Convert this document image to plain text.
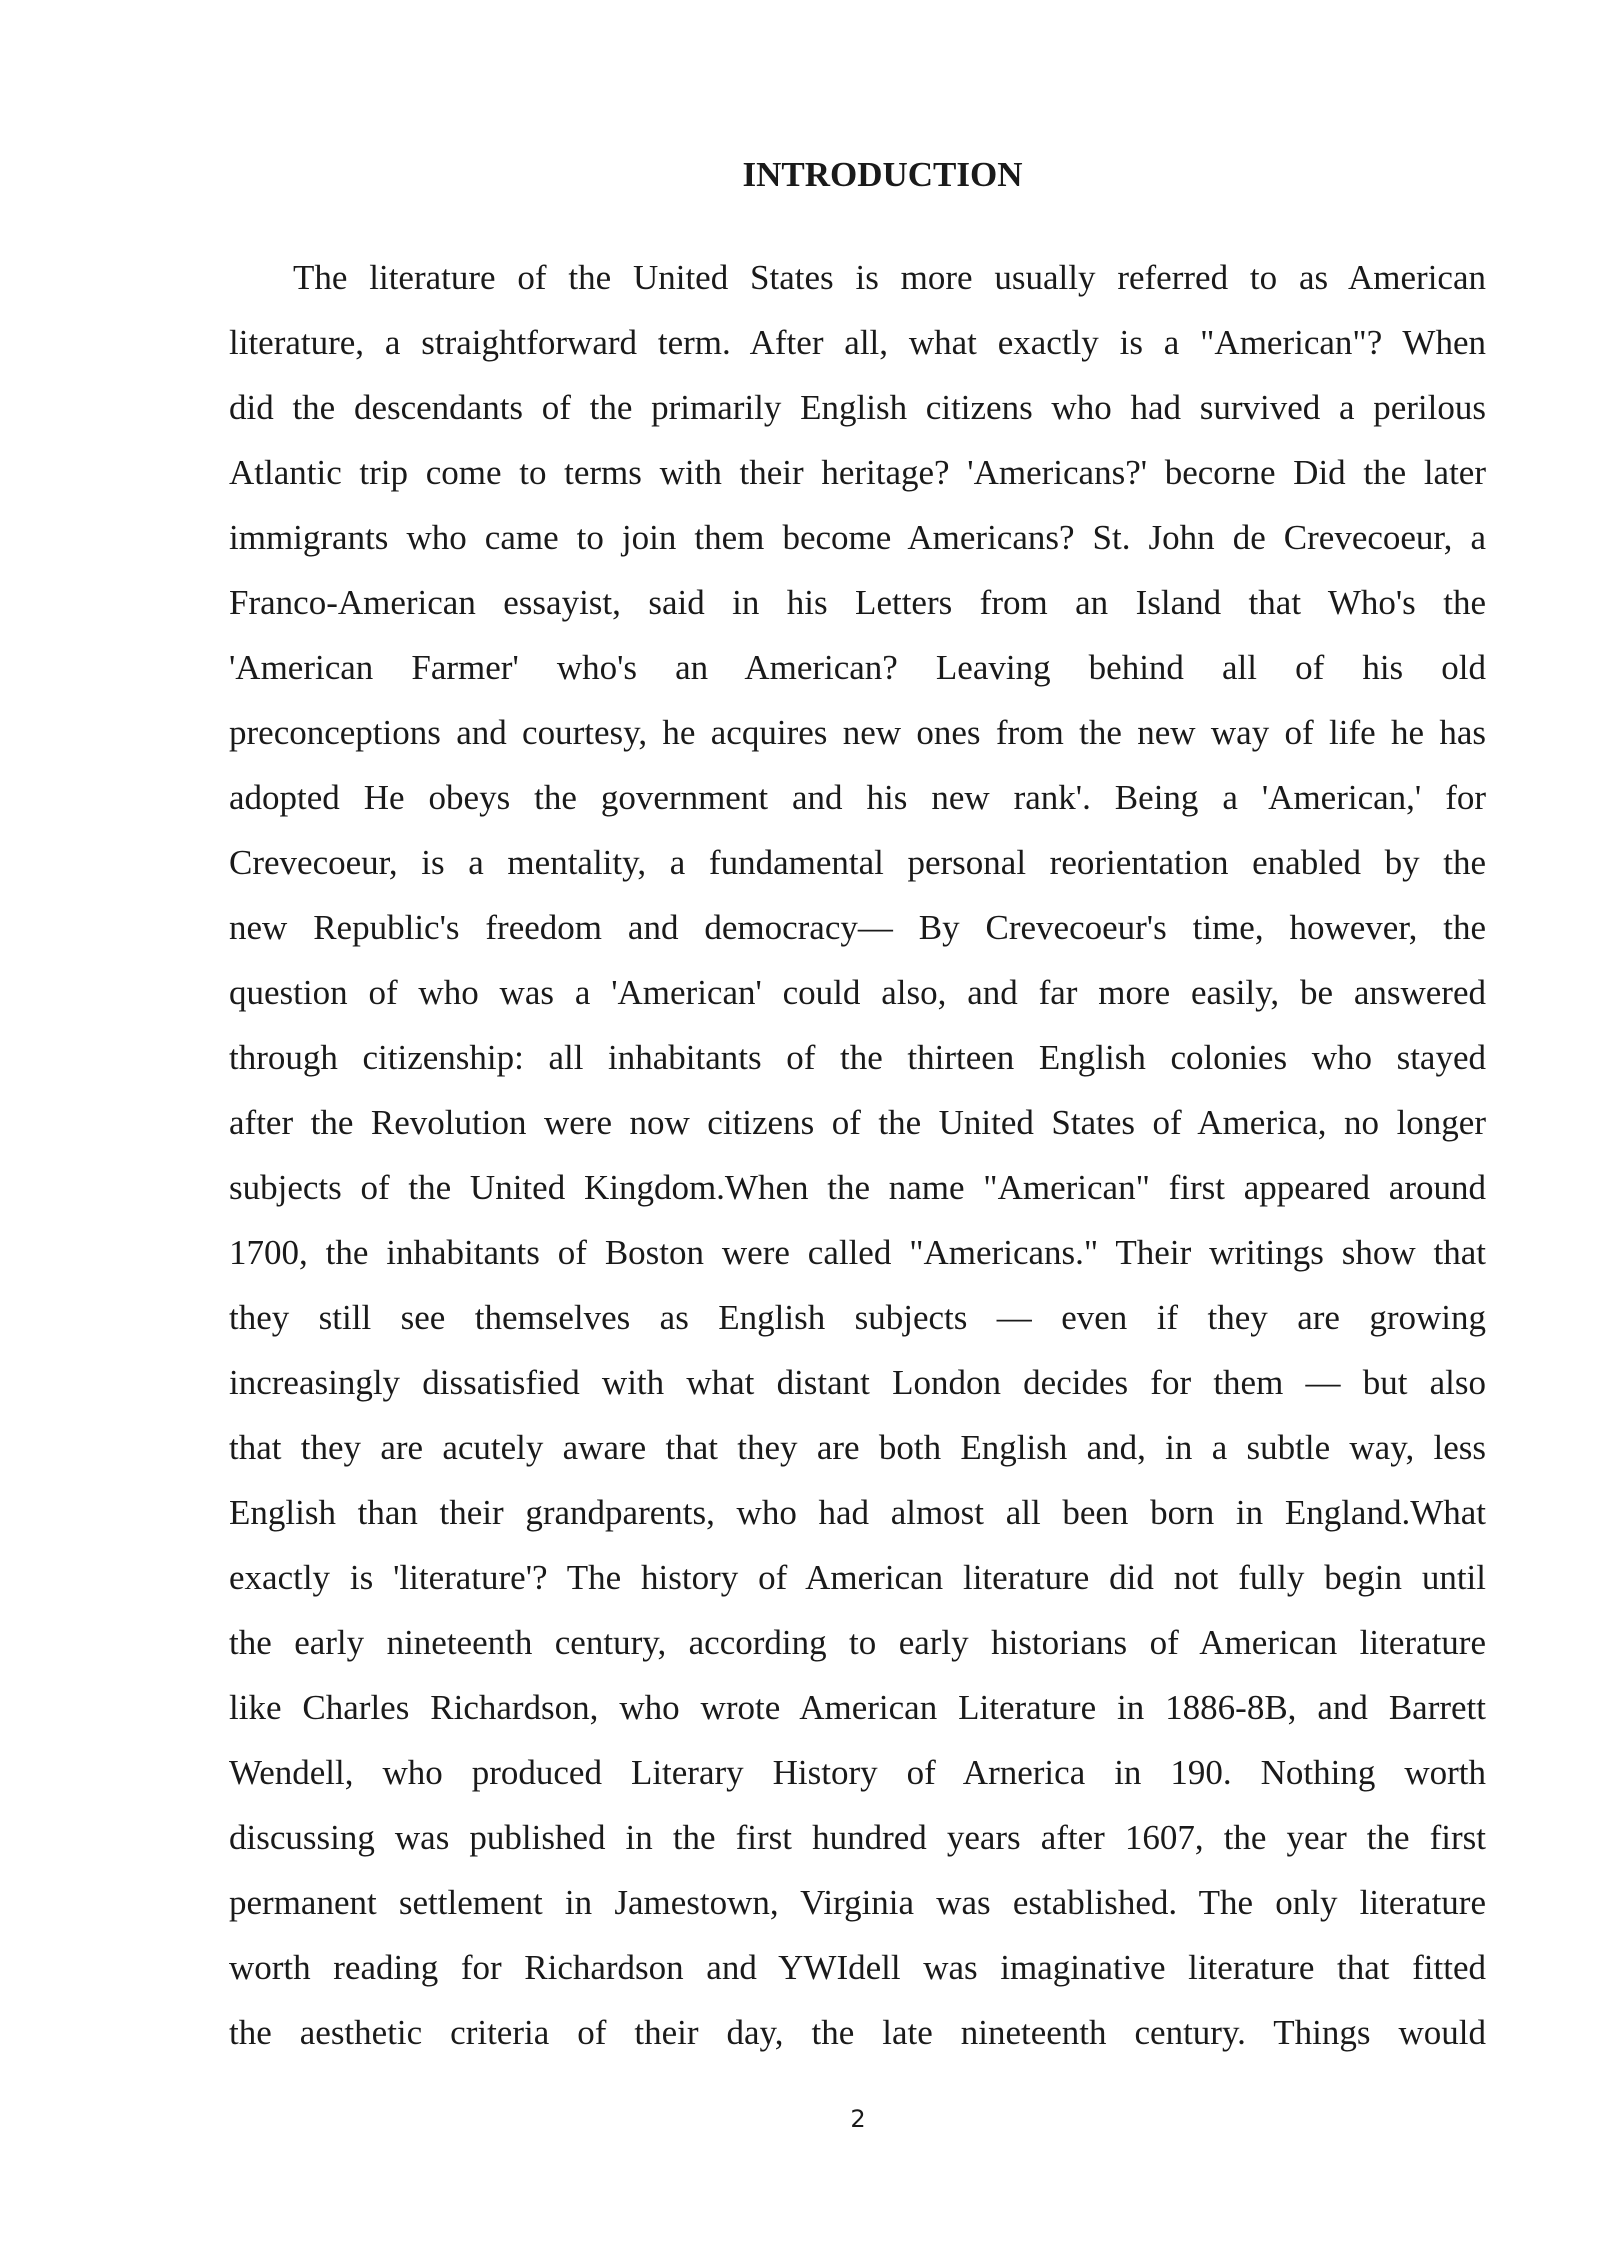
INTRODUCTION
The literature of the United States is more usually referred to as American
literature, a straightforward term. After all, what exactly is a "American"? When
did the descendants of the primarily English citizens who had survived a perilous
Atlantic trip come to terms with their heritage? 'Americans?' becorne Did the later
immigrants who came to join them become Americans? St. John de Crevecoeur, a
Franco-American essayist, said in his Letters from an Island that Who's the
'American Farmer' who's an American? Leaving behind all of his old
preconceptions and courtesy, he acquires new ones from the new way of life he has
adopted He obeys the government and his new rank'. Being a 'American,' for
Crevecoeur, is a mentality, a fundamental personal reorientation enabled by the
new Republic's freedom and democracy— By Crevecoeur's time, however, the
question of who was a 'American' could also, and far more easily, be answered
through citizenship: all inhabitants of the thirteen English colonies who stayed
after the Revolution were now citizens of the United States of America, no longer
subjects of the United Kingdom.When the name "American" first appeared around
1700, the inhabitants of Boston were called "Americans." Their writings show that
they still see themselves as English subjects — even if they are growing
increasingly dissatisfied with what distant London decides for them — but also
that they are acutely aware that they are both English and, in a subtle way, less
English than their grandparents, who had almost all been born in England.What
exactly is 'literature'? The history of American literature did not fully begin until
the early nineteenth century, according to early historians of American literature
like Charles Richardson, who wrote American Literature in 1886-8B, and Barrett
Wendell, who produced Literary History of Arnerica in 190. Nothing worth
discussing was published in the first hundred years after 1607, the year the first
permanent settlement in Jamestown, Virginia was established. The only literature
worth reading for Richardson and YWIdell was imaginative literature that fitted
the aesthetic criteria of their day, the late nineteenth century. Things would
2
